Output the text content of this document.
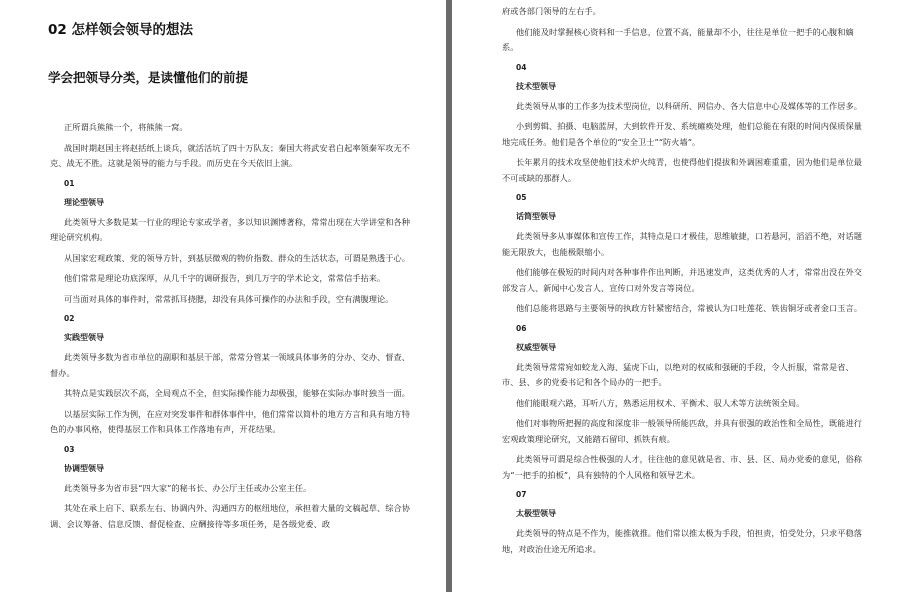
02 怎样领会领导的想法
学会把领导分类，是读懂他们的前提

正所谓兵熊熊一个，将熊熊一窝。

战国时期赵国主将赵括纸上谈兵，就活活坑了四十万队友；秦国大将武安君白起率领秦军攻无不克、战无不胜。这就是领导的能力与手段。而历史在今天依旧上演。

01
理论型领导

此类领导大多数是某一行业的理论专家或学者，多以知识渊博著称，常常出现在大学讲堂和各种理论研究机构。

从国家宏观政策、党的领导方针，到基层微观的物价指数、群众的生活状态，可谓是熟透于心。

他们常常是理论功底深厚，从几千字的调研报告，到几万字的学术论文，常常信手拈来。

可当面对具体的事件时，常常抓耳挠腮，却没有具体可操作的办法和手段，空有满腹理论。

02
实践型领导

此类领导多数为省市单位的副职和基层干部，常常分管某一领域具体事务的分办、交办、督查、督办。

其特点是实践层次不高，全局观点不全，但实际操作能力却极强，能够在实际办事时独当一面。

以基层实际工作为例，在应对突发事件和群体事件中，他们常常以简朴的地方方言和具有地方特色的办事风格，使得基层工作和具体工作落地有声，开花结果。

03
协调型领导

此类领导多为省市县“四大家”的秘书长、办公厅主任或办公室主任。

其处在承上启下、联系左右、协调内外、沟通四方的枢纽地位，承担着大量的文稿起草、综合协调、会议筹备、信息反馈、督促检查、应酬接待等多项任务，是各级党委、政

府或各部门领导的左右手。

他们能及时掌握核心资料和一手信息，位置不高，能量却不小，往往是单位一把手的心腹和嫡系。

04
技术型领导

此类领导从事的工作多为技术型岗位，以科研所、网信办、各大信息中心及媒体等的工作居多。

小到剪辑、拍摄、电脑蓝屏，大到软件开发、系统瘫痪处理，他们总能在有限的时间内保质保量地完成任务。他们是各个单位的“安全卫士”“防火墙”。

长年累月的技术攻坚使他们技术炉火纯青，也使得他们提拔和外调困难重重，因为他们是单位最不可或缺的那群人。

05
话筒型领导

此类领导多从事媒体和宣传工作，其特点是口才极佳，思维敏捷，口若悬河，滔滔不绝，对话题能无限放大，也能极限缩小。

他们能够在极短的时间内对各种事件作出判断，并迅速发声，这类优秀的人才，常常出没在外交部发言人、新闻中心发言人、宣传口对外发言等岗位。

他们总能将思路与主要领导的执政方针紧密结合，常被认为口吐莲花、铁齿铜牙或者金口玉言。

06
权威型领导

此类领导常常宛如蛟龙入海、猛虎下山，以绝对的权威和强硬的手段，令人折服，常常是省、市、县、乡的党委书记和各个局办的一把手。

他们能眼观六路，耳听八方，熟悉运用权术、平衡术、驭人术等方法统领全局。

他们对事物所把握的高度和深度非一般领导所能匹敌，并具有很强的政治性和全局性，既能进行宏观政策理论研究，又能踏石留印、抓铁有痕。

此类领导可谓是综合性极强的人才，往往他的意见就是省、市、县、区、局办党委的意见，俗称为“一把手的拍板”，具有独特的个人风格和领导艺术。

07
太极型领导

此类领导的特点是不作为，能推就推。他们常以推太极为手段，怕担责，怕受处分，只求平稳落地，对政治仕途无所追求。
